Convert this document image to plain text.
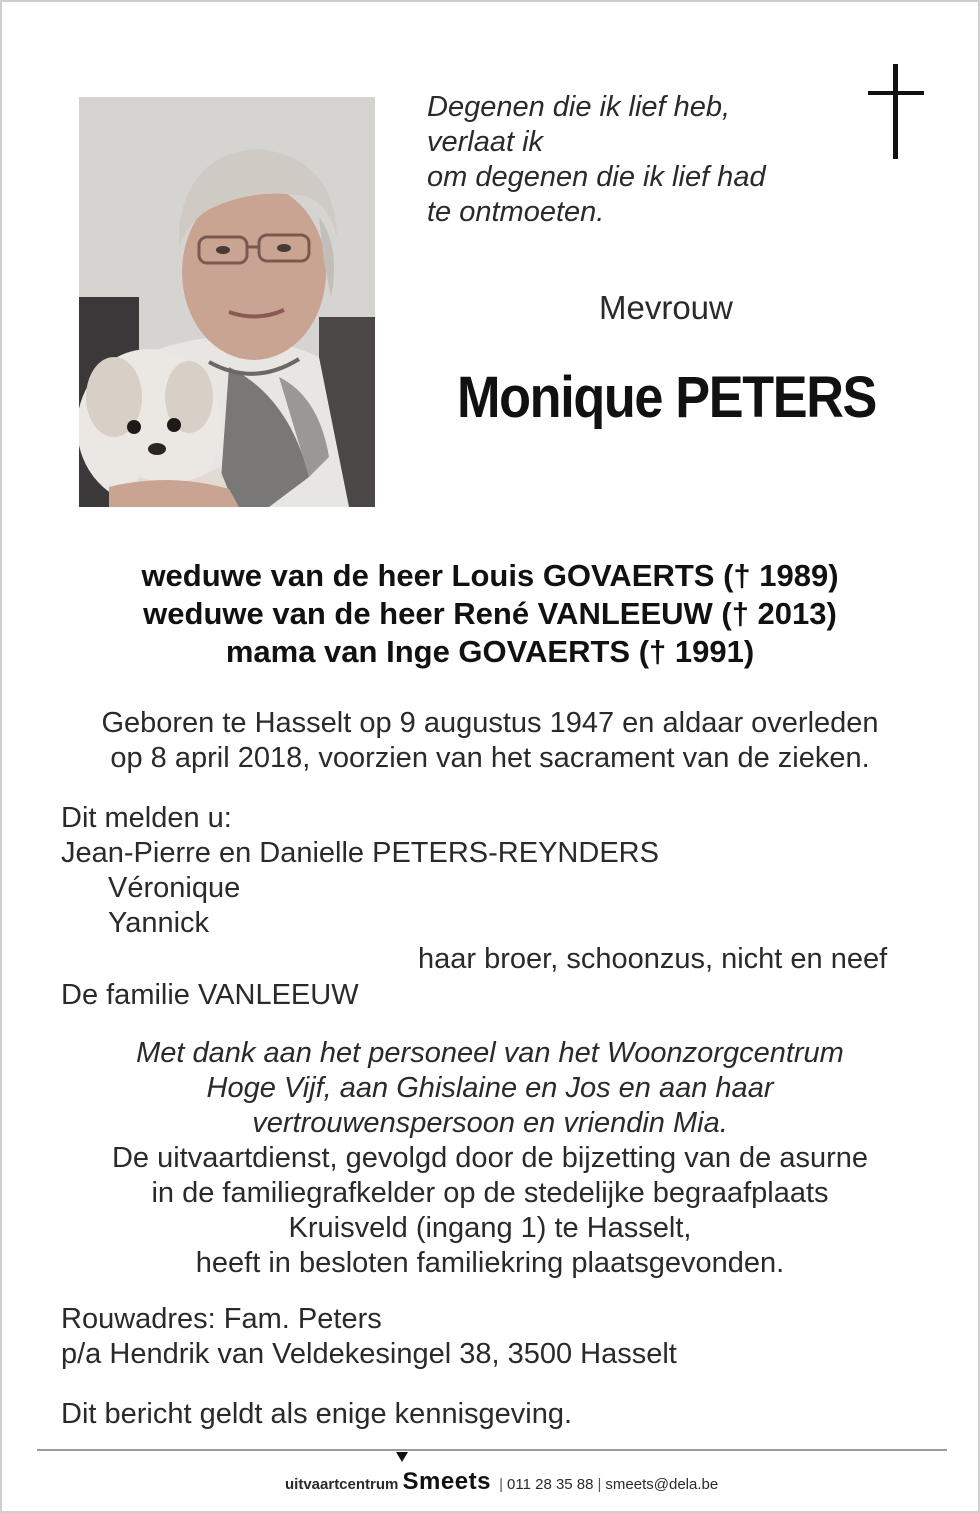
Degenen die ik lief heb,
verlaat ik
om degenen die ik lief had
te ontmoeten.
Mevrouw
Monique PETERS
weduwe van de heer Louis GOVAERTS († 1989)
weduwe van de heer René VANLEEUW († 2013)
mama van Inge GOVAERTS († 1991)
Geboren te Hasselt op 9 augustus 1947 en aldaar overleden
op 8 april 2018, voorzien van het sacrament van de zieken.
Dit melden u:
Jean-Pierre en Danielle PETERS-REYNDERS
Véronique
Yannick
haar broer, schoonzus, nicht en neef
De familie VANLEEUW
Met dank aan het personeel van het Woonzorgcentrum
Hoge Vijf, aan Ghislaine en Jos en aan haar
vertrouwenspersoon en vriendin Mia.
De uitvaartdienst, gevolgd door de bijzetting van de asurne
in de familiegrafkelder op de stedelijke begraafplaats
Kruisveld (ingang 1) te Hasselt,
heeft in besloten familiekring plaatsgevonden.
Rouwadres: Fam. Peters
p/a Hendrik van Veldekesingel 38, 3500 Hasselt
Dit bericht geldt als enige kennisgeving.
uitvaartcentrum Smeets | 011 28 35 88 | smeets@dela.be
